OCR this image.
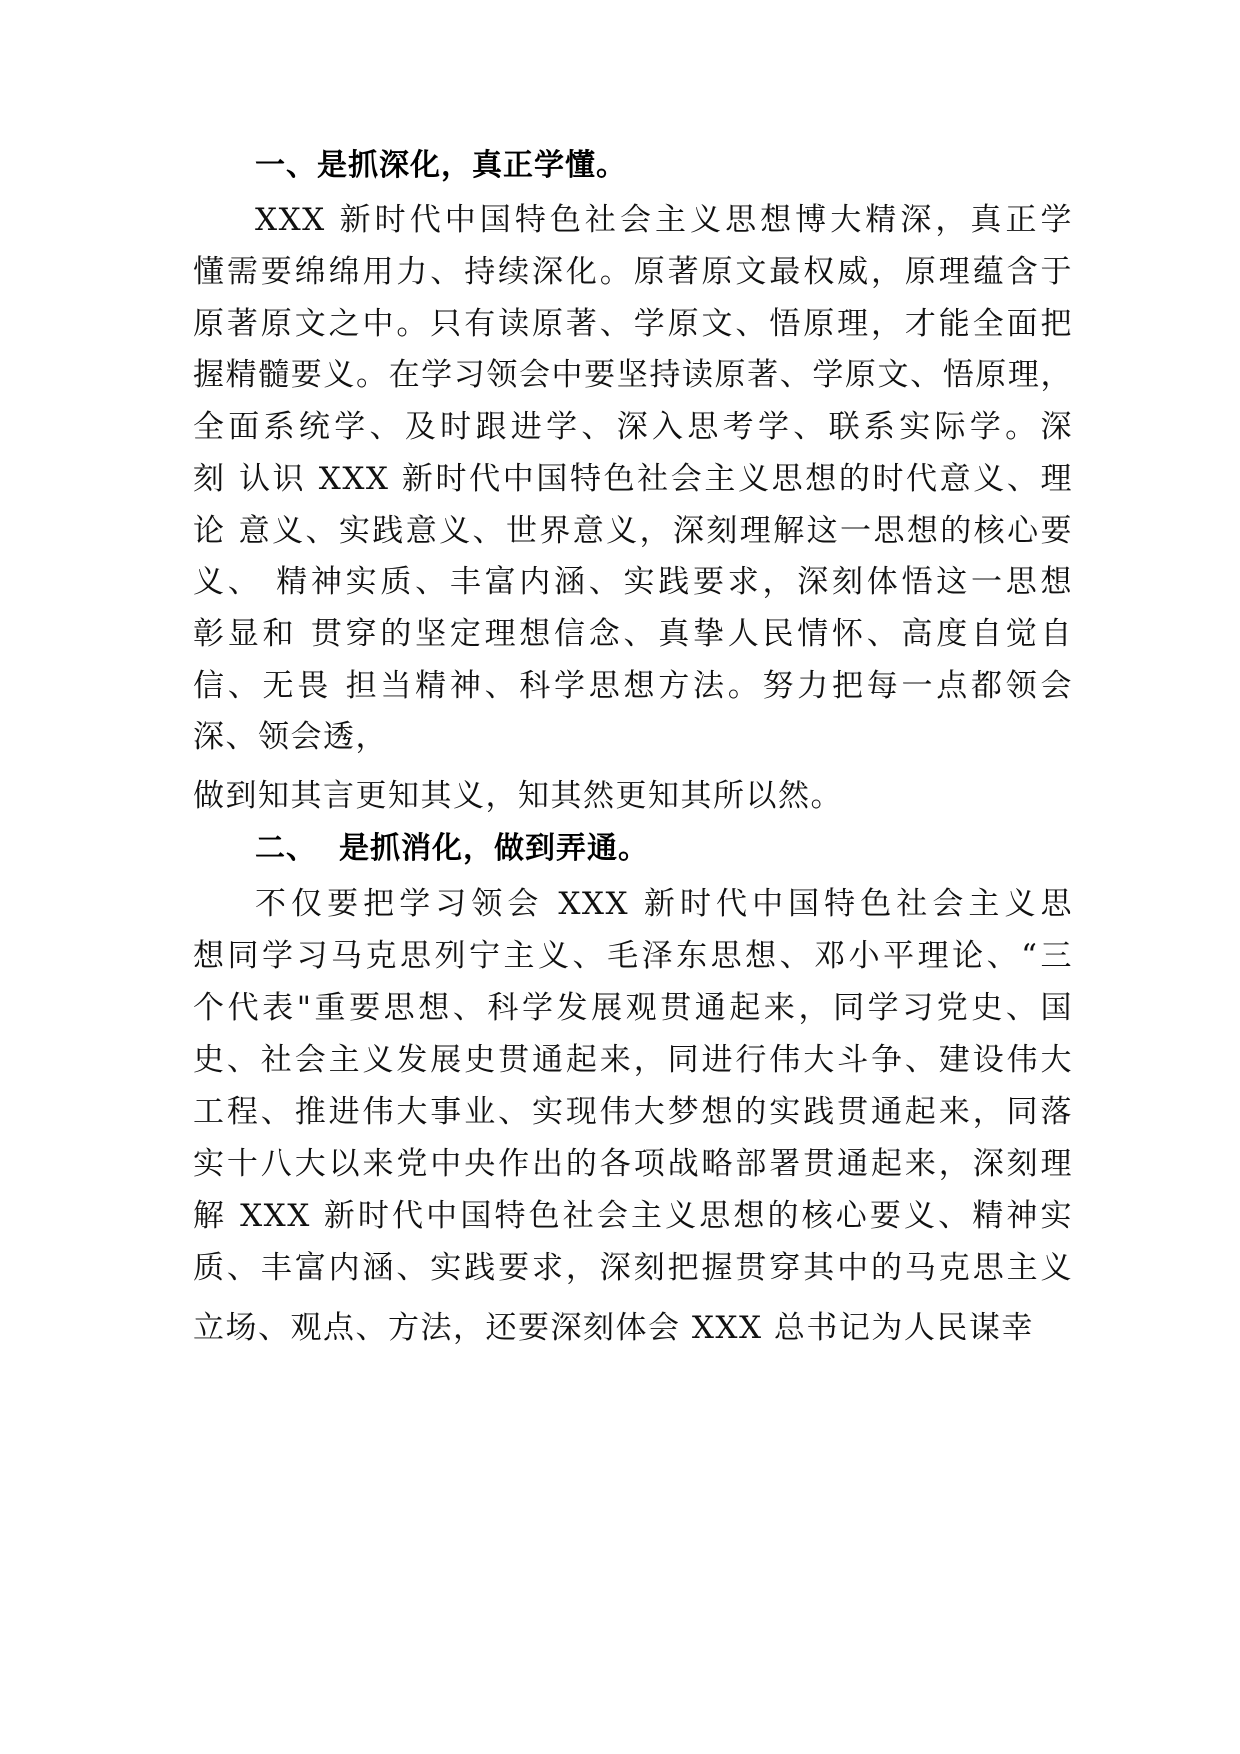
一、是抓深化，真正学懂。
XXX 新时代中国特色社会主义思想博大精深，真正学
懂需要绵绵用力、持续深化。原著原文最权威，原理蕴含于
原著原文之中。只有读原著、学原文、悟原理，才能全面把
握精髓要义。在学习领会中要坚持读原著、学原文、悟原理，
全面系统学、及时跟进学、深入思考学、联系实际学。深
刻 认识 XXX 新时代中国特色社会主义思想的时代意义、理
论 意义、实践意义、世界意义，深刻理解这一思想的核心要
义、 精神实质、丰富内涵、实践要求，深刻体悟这一思想
彰显和 贯穿的坚定理想信念、真挚人民情怀、高度自觉自
信、无畏 担当精神、科学思想方法。努力把每一点都领会
深、领会透，
做到知其言更知其义，知其然更知其所以然。
二、 是抓消化，做到弄通。
不仅要把学习领会 XXX 新时代中国特色社会主义思
想同学习马克思列宁主义、毛泽东思想、邓小平理论、“三
个代表"重要思想、科学发展观贯通起来，同学习党史、国
史、社会主义发展史贯通起来，同进行伟大斗争、建设伟大
工程、推进伟大事业、实现伟大梦想的实践贯通起来，同落
实十八大以来党中央作出的各项战略部署贯通起来，深刻理
解 XXX 新时代中国特色社会主义思想的核心要义、精神实
质、丰富内涵、实践要求，深刻把握贯穿其中的马克思主义
立场、观点、方法，还要深刻体会 XXX 总书记为人民谋幸
